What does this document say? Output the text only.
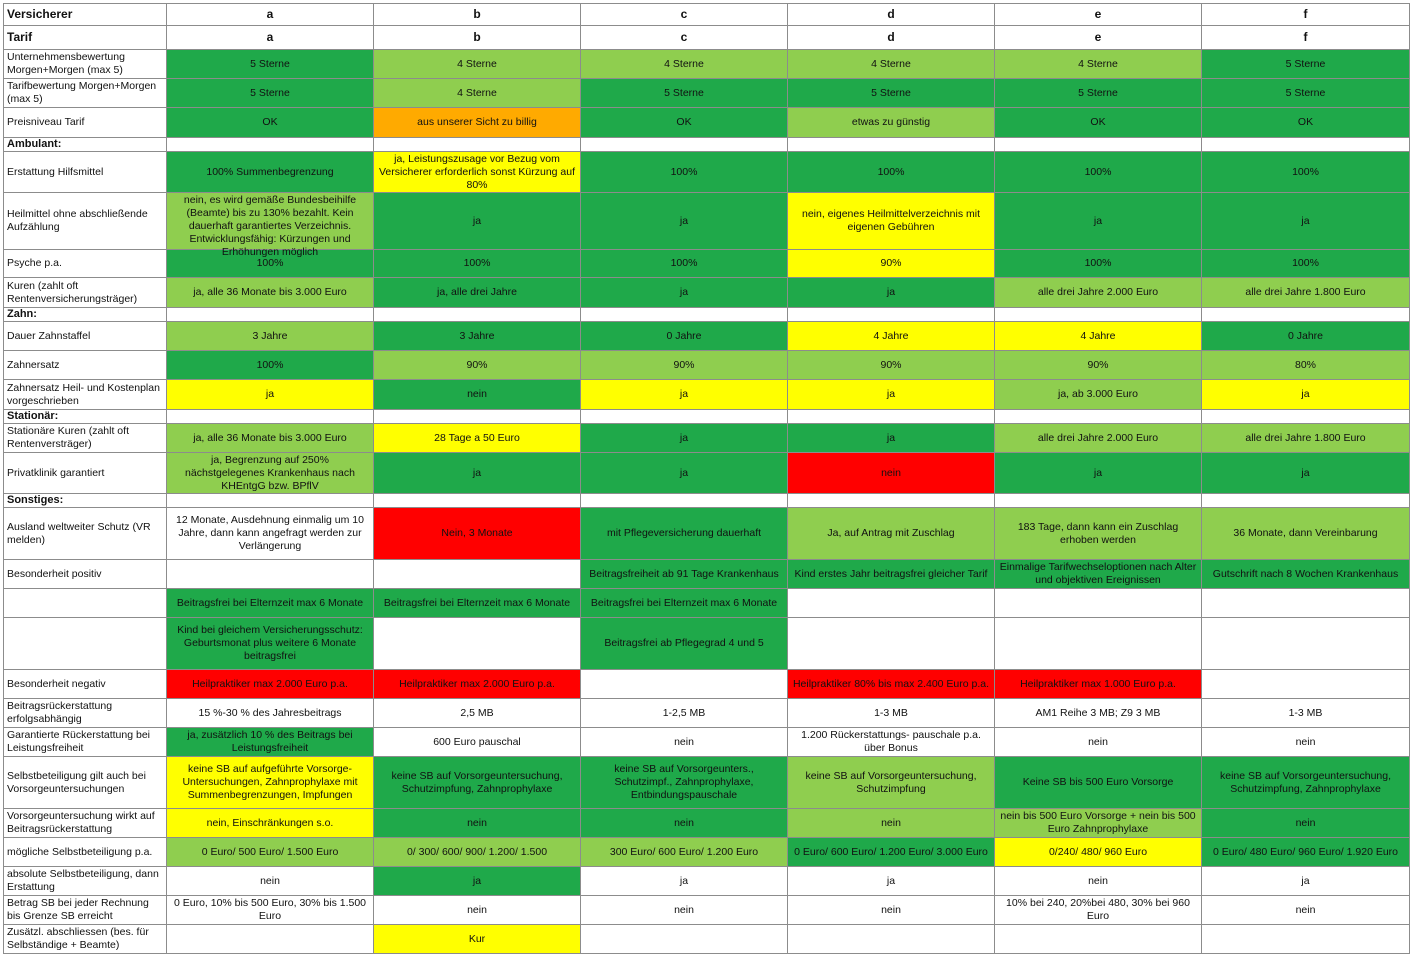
Versicherer	a	b	c	d	e	f

Tarif	a	b	c	d	e	f

Unternehmensbewertung Morgen+Morgen (max 5)	5 Sterne	4 Sterne	4 Sterne	4 Sterne	4 Sterne	5 Sterne

Tarifbewertung Morgen+Morgen (max 5)	5 Sterne	4 Sterne	5 Sterne	5 Sterne	5 Sterne	5 Sterne

Preisniveau Tarif	OK	aus unserer Sicht zu billig	OK	etwas zu günstig	OK	OK

Ambulant:						
Erstattung Hilfsmittel	100% Summenbegrenzung	ja, Leistungszusage vor Bezug vom Versicherer erforderlich sonst Kürzung auf 80%	100%	100%	100%	100%

Heilmittel ohne abschließende Aufzählung	nein, es wird gemäße Bundesbeihilfe (Beamte) bis zu 130% bezahlt. Kein dauerhaft garantiertes Verzeichnis. Entwicklungsfähig: Kürzungen und Erhöhungen möglich	ja	ja	nein, eigenes Heilmittelverzeichnis mit eigenen Gebühren	ja	ja

Psyche p.a.	100%	100%	100%	90%	100%	100%

Kuren (zahlt oft Rentenversicherungsträger)	ja, alle 36 Monate bis 3.000 Euro	ja, alle drei Jahre	ja	ja	alle drei Jahre 2.000 Euro	alle drei Jahre 1.800 Euro

Zahn:						
Dauer Zahnstaffel	3 Jahre	3 Jahre	0 Jahre	4 Jahre	4 Jahre	0 Jahre

Zahnersatz	100%	90%	90%	90%	90%	80%

Zahnersatz Heil- und Kostenplan vorgeschrieben	ja	nein	ja	ja	ja, ab 3.000 Euro	ja

Stationär:						
Stationäre Kuren (zahlt oft Rentenversträger)	ja, alle 36 Monate bis 3.000 Euro	28 Tage a 50 Euro	ja	ja	alle drei Jahre 2.000 Euro	alle drei Jahre 1.800 Euro

Privatklinik garantiert	ja, Begrenzung auf 250% nächstgelegenes Krankenhaus nach KHEntgG bzw. BPflV	ja	ja	nein	ja	ja

Sonstiges:						
Ausland weltweiter Schutz (VR melden)	12 Monate, Ausdehnung einmalig um 10 Jahre, dann kann angefragt werden zur Verlängerung	Nein, 3 Monate	mit Pflegeversicherung dauerhaft	Ja, auf Antrag mit Zuschlag	183 Tage, dann kann ein Zuschlag erhoben werden	36 Monate, dann Vereinbarung

Besonderheit positiv			Beitragsfreiheit ab 91 Tage Krankenhaus	Kind erstes Jahr beitragsfrei gleicher Tarif	Einmalige Tarifwechseloptionen nach Alter und objektiven Ereignissen	Gutschrift nach 8 Wochen Krankenhaus

	Beitragsfrei bei Elternzeit max 6 Monate	Beitragsfrei bei Elternzeit max 6 Monate	Beitragsfrei bei Elternzeit max 6 Monate			

	Kind bei gleichem Versicherungsschutz: Geburtsmonat plus weitere 6 Monate beitragsfrei		Beitragsfrei ab Pflegegrad 4 und 5			

Besonderheit negativ	Heilpraktiker max 2.000 Euro p.a.	Heilpraktiker max 2.000 Euro p.a.		Heilpraktiker 80% bis max 2.400 Euro p.a.	Heilpraktiker max 1.000 Euro p.a.	

Beitragsrückerstattung erfolgsabhängig	15 %-30 % des Jahresbeitrags	2,5 MB	1-2,5 MB	1-3 MB	AM1 Reihe 3 MB; Z9 3 MB	1-3 MB

Garantierte Rückerstattung bei Leistungsfreiheit	ja, zusätzlich 10 % des Beitrags bei Leistungsfreiheit	600 Euro pauschal	nein	1.200 Rückerstattungs- pauschale p.a. über Bonus	nein	nein

Selbstbeteiligung gilt auch bei Vorsorgeuntersuchungen	keine SB auf aufgeführte Vorsorge-Untersuchungen, Zahnprophylaxe mit Summenbegrenzungen, Impfungen	keine SB auf Vorsorgeuntersuchung, Schutzimpfung, Zahnprophylaxe	keine SB auf Vorsorgeunters., Schutzimpf., Zahnprophylaxe, Entbindungspauschale	keine SB auf Vorsorgeuntersuchung, Schutzimpfung	Keine SB bis 500 Euro Vorsorge	keine SB auf Vorsorgeuntersuchung, Schutzimpfung, Zahnprophylaxe

Vorsorgeuntersuchung wirkt auf Beitragsrückerstattung	nein, Einschränkungen s.o.	nein	nein	nein	nein bis 500 Euro Vorsorge + nein bis 500 Euro Zahnprophylaxe	nein

mögliche Selbstbeteiligung p.a.	0 Euro/ 500 Euro/ 1.500 Euro	0/ 300/ 600/ 900/ 1.200/ 1.500	300 Euro/ 600 Euro/ 1.200 Euro	0 Euro/ 600 Euro/ 1.200 Euro/ 3.000 Euro	0/240/ 480/ 960 Euro	0 Euro/ 480 Euro/ 960 Euro/ 1.920 Euro

absolute Selbstbeteiligung, dann Erstattung	nein	ja	ja	ja	nein	ja

Betrag SB bei jeder Rechnung bis Grenze SB erreicht	0 Euro, 10% bis 500 Euro, 30% bis 1.500 Euro	nein	nein	nein	10% bei 240, 20%bei 480, 30% bei 960 Euro	nein

Zusätzl. abschliessen (bes. für Selbständige + Beamte)		Kur				
